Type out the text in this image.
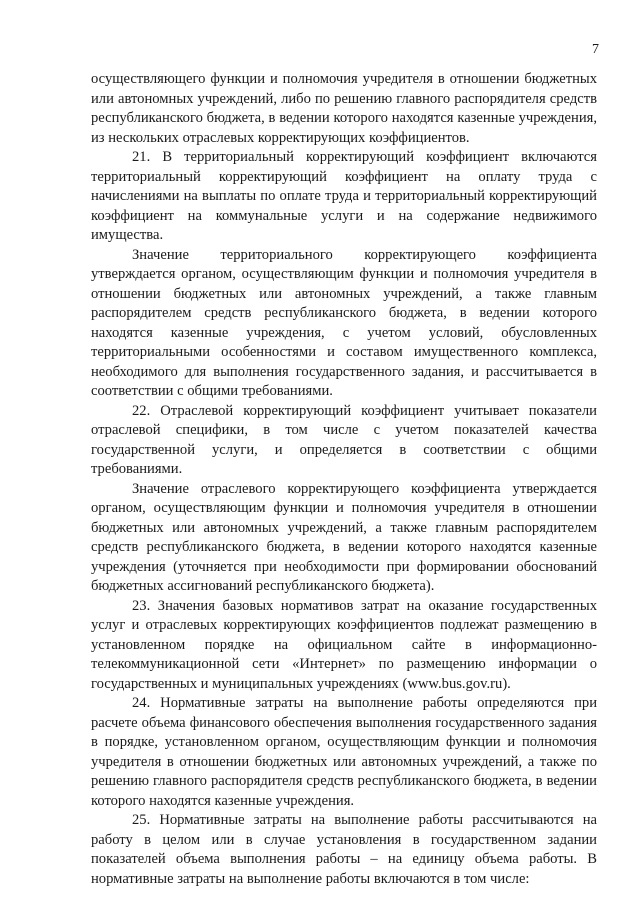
7

осуществляющего функции и полномочия учредителя в отношении бюджетных или автономных учреждений, либо по решению главного распорядителя средств республиканского бюджета, в ведении которого находятся казенные учреждения, из нескольких отраслевых корректирующих коэффициентов.

21. В территориальный корректирующий коэффициент включаются территориальный корректирующий коэффициент на оплату труда с начислениями на выплаты по оплате труда и территориальный корректирующий коэффициент на коммунальные услуги и на содержание недвижимого имущества.

Значение территориального корректирующего коэффициента утверждается органом, осуществляющим функции и полномочия учредителя в отношении бюджетных или автономных учреждений, а также главным распорядителем средств республиканского бюджета, в ведении которого находятся казенные учреждения, с учетом условий, обусловленных территориальными особенностями и составом имущественного комплекса, необходимого для выполнения государственного задания, и рассчитывается в соответствии с общими требованиями.

22. Отраслевой корректирующий коэффициент учитывает показатели отраслевой специфики, в том числе с учетом показателей качества государственной услуги, и определяется в соответствии с общими требованиями.

Значение отраслевого корректирующего коэффициента утверждается органом, осуществляющим функции и полномочия учредителя в отношении бюджетных или автономных учреждений, а также главным распорядителем средств республиканского бюджета, в ведении которого находятся казенные учреждения (уточняется при необходимости при формировании обоснований бюджетных ассигнований республиканского бюджета).

23. Значения базовых нормативов затрат на оказание государственных услуг и отраслевых корректирующих коэффициентов подлежат размещению в установленном порядке на официальном сайте в информационно-телекоммуникационной сети «Интернет» по размещению информации о государственных и муниципальных учреждениях (www.bus.gov.ru).

24. Нормативные затраты на выполнение работы определяются при расчете объема финансового обеспечения выполнения государственного задания в порядке, установленном органом, осуществляющим функции и полномочия учредителя в отношении бюджетных или автономных учреждений, а также по решению главного распорядителя средств республиканского бюджета, в ведении которого находятся казенные учреждения.

25. Нормативные затраты на выполнение работы рассчитываются на работу в целом или в случае установления в государственном задании показателей объема выполнения работы – на единицу объема работы. В нормативные затраты на выполнение работы включаются в том числе:
